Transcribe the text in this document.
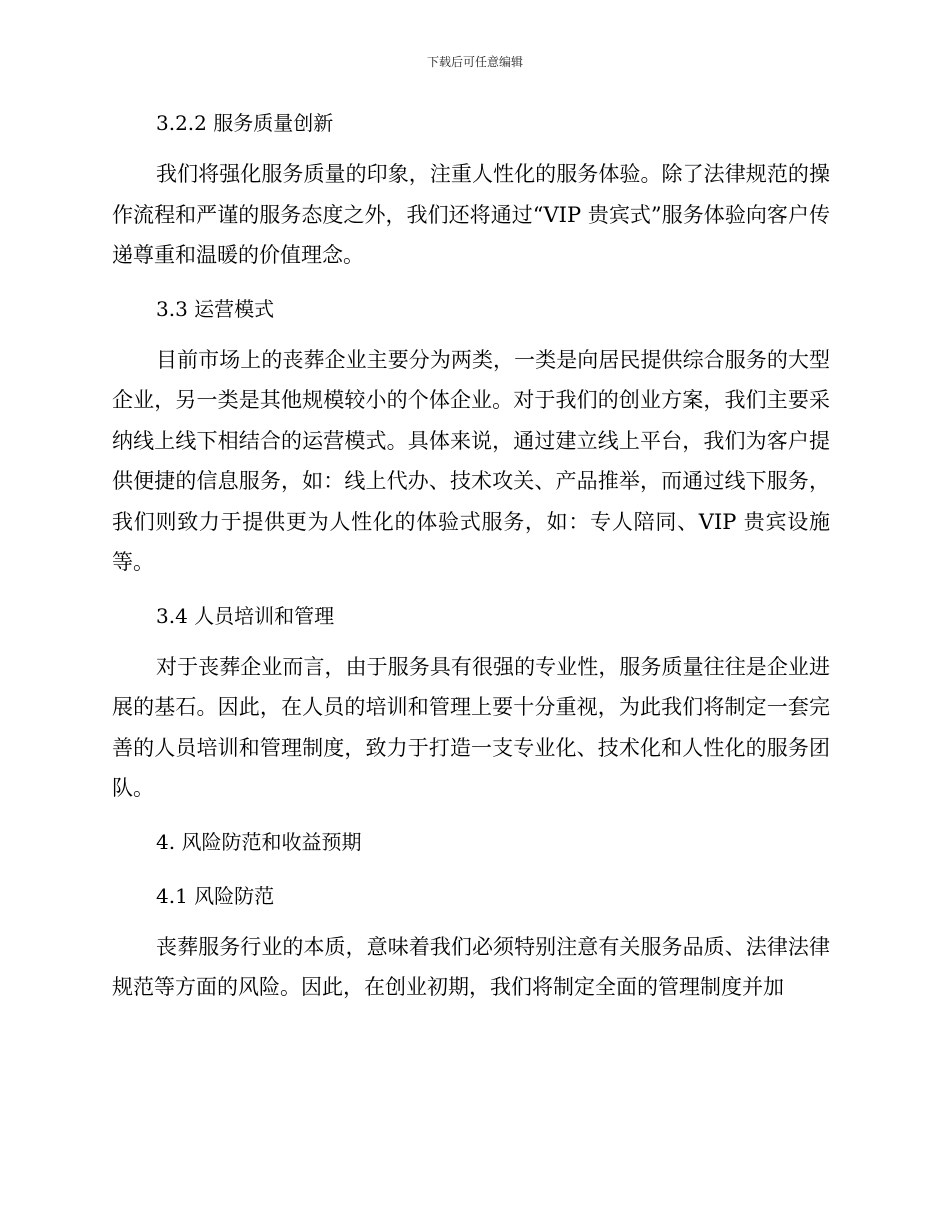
下载后可任意编辑
3.2.2 服务质量创新

我们将强化服务质量的印象，注重人性化的服务体验。除了法律规范的操作流程和严谨的服务态度之外，我们还将通过“VIP 贵宾式”服务体验向客户传递尊重和温暖的价值理念。

3.3 运营模式

目前市场上的丧葬企业主要分为两类，一类是向居民提供综合服务的大型企业，另一类是其他规模较小的个体企业。对于我们的创业方案，我们主要采纳线上线下相结合的运营模式。具体来说，通过建立线上平台，我们为客户提供便捷的信息服务，如：线上代办、技术攻关、产品推举，而通过线下服务，我们则致力于提供更为人性化的体验式服务，如：专人陪同、VIP 贵宾设施等。

3.4 人员培训和管理

对于丧葬企业而言，由于服务具有很强的专业性，服务质量往往是企业进展的基石。因此，在人员的培训和管理上要十分重视，为此我们将制定一套完善的人员培训和管理制度，致力于打造一支专业化、技术化和人性化的服务团队。

4. 风险防范和收益预期
4.1 风险防范

丧葬服务行业的本质，意味着我们必须特别注意有关服务品质、法律法律规范等方面的风险。因此，在创业初期，我们将制定全面的管理制度并加
